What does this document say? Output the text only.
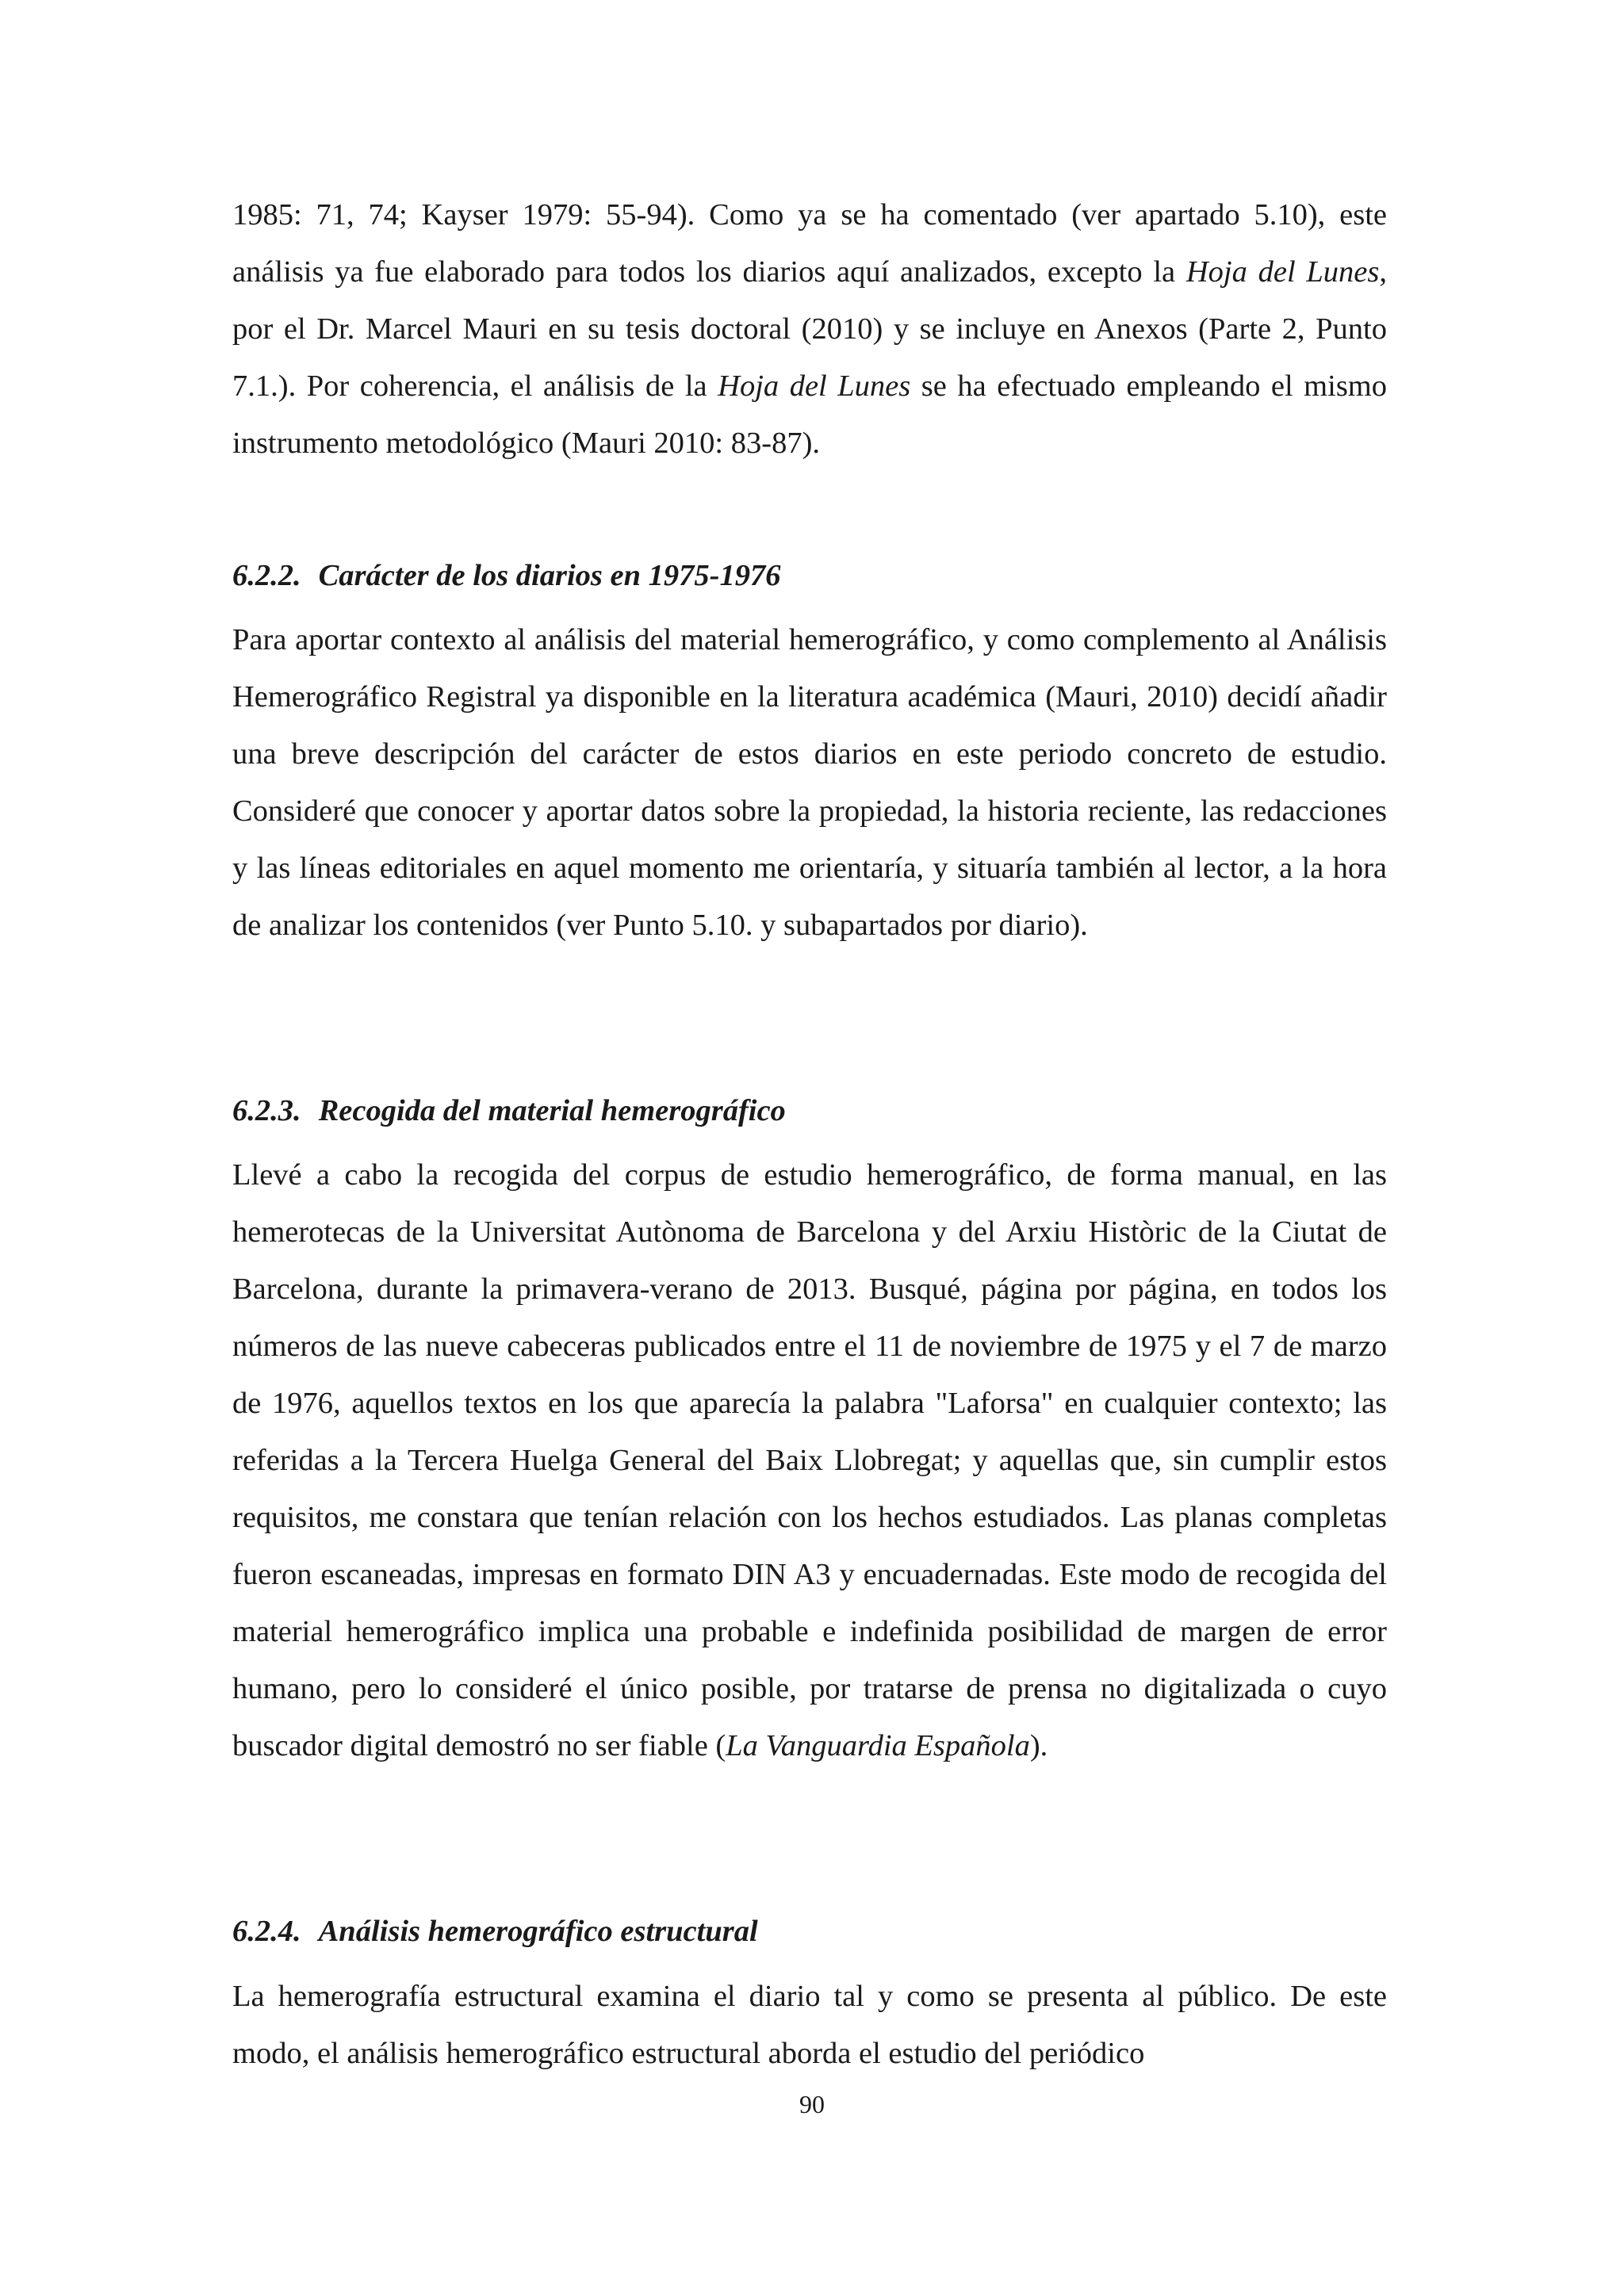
1985: 71, 74; Kayser 1979: 55-94). Como ya se ha comentado (ver apartado 5.10), este análisis ya fue elaborado para todos los diarios aquí analizados, excepto la Hoja del Lunes, por el Dr. Marcel Mauri en su tesis doctoral (2010) y se incluye en Anexos (Parte 2, Punto 7.1.). Por coherencia, el análisis de la Hoja del Lunes se ha efectuado empleando el mismo instrumento metodológico (Mauri 2010: 83-87).

6.2.2. Carácter de los diarios en 1975-1976

Para aportar contexto al análisis del material hemerográfico, y como complemento al Análisis Hemerográfico Registral ya disponible en la literatura académica (Mauri, 2010) decidí añadir una breve descripción del carácter de estos diarios en este periodo concreto de estudio. Consideré que conocer y aportar datos sobre la propiedad, la historia reciente, las redacciones y las líneas editoriales en aquel momento me orientaría, y situaría también al lector, a la hora de analizar los contenidos (ver Punto 5.10. y subapartados por diario).

6.2.3. Recogida del material hemerográfico

Llevé a cabo la recogida del corpus de estudio hemerográfico, de forma manual, en las hemerotecas de la Universitat Autònoma de Barcelona y del Arxiu Històric de la Ciutat de Barcelona, durante la primavera-verano de 2013. Busqué, página por página, en todos los números de las nueve cabeceras publicados entre el 11 de noviembre de 1975 y el 7 de marzo de 1976, aquellos textos en los que aparecía la palabra "Laforsa" en cualquier contexto; las referidas a la Tercera Huelga General del Baix Llobregat; y aquellas que, sin cumplir estos requisitos, me constara que tenían relación con los hechos estudiados. Las planas completas fueron escaneadas, impresas en formato DIN A3 y encuadernadas. Este modo de recogida del material hemerográfico implica una probable e indefinida posibilidad de margen de error humano, pero lo consideré el único posible, por tratarse de prensa no digitalizada o cuyo buscador digital demostró no ser fiable (La Vanguardia Española).

6.2.4. Análisis hemerográfico estructural

La hemerografía estructural examina el diario tal y como se presenta al público. De este modo, el análisis hemerográfico estructural aborda el estudio del periódico

90
